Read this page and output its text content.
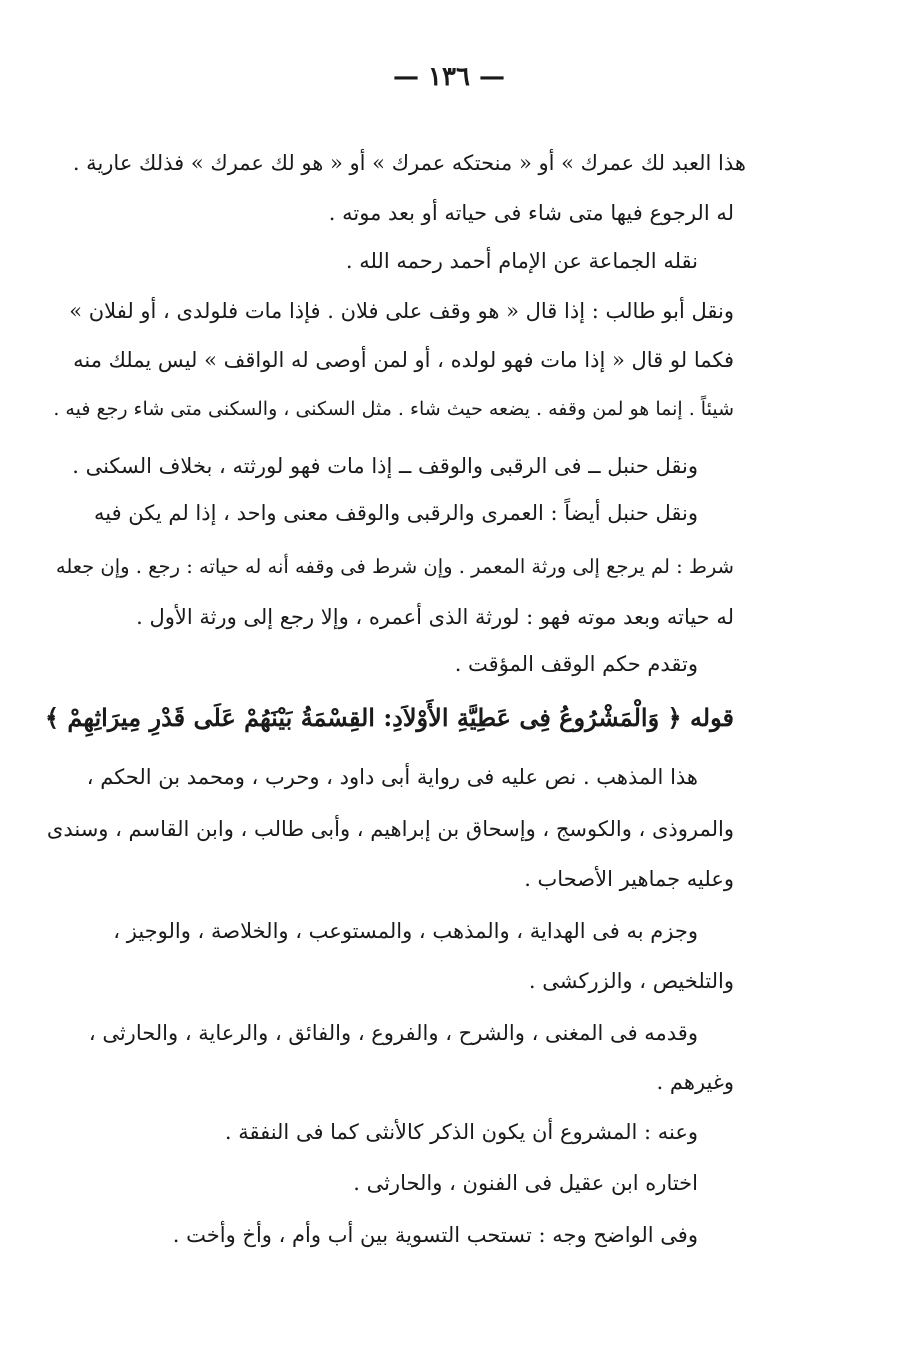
— ١٣٦ —
هذا العبد لك عمرك » أو « منحتكه عمرك » أو « هو لك عمرك » فذلك عارية .
له الرجوع فيها متى شاء فى حياته أو بعد موته .
نقله الجماعة عن الإمام أحمد رحمه الله .
ونقل أبو طالب : إذا قال « هو وقف على فلان . فإذا مات فلولدى ، أو لفلان »
فكما لو قال « إذا مات فهو لولده ، أو لمن أوصى له الواقف » ليس يملك منه
شيئاً . إنما هو لمن وقفه . يضعه حيث شاء . مثل السكنى ، والسكنى متى شاء رجع فيه .
ونقل حنبل ــ فى الرقبى والوقف ــ إذا مات فهو لورثته ، بخلاف السكنى .
ونقل حنبل أيضاً : العمرى والرقبى والوقف معنى واحد ، إذا لم يكن فيه
شرط : لم يرجع إلى ورثة المعمر . وإن شرط فى وقفه أنه له حياته : رجع . وإن جعله
له حياته وبعد موته فهو : لورثة الذى أعمره ، وإلا رجع إلى ورثة الأول .
وتقدم حكم الوقف المؤقت .
قوله ﴿ وَالْمَشْرُوعُ فِى عَطِيَّةِ الأَوْلاَدِ: القِسْمَةُ بَيْنَهُمْ عَلَى قَدْرِ مِيرَاثِهِمْ ﴾
هذا المذهب . نص عليه فى رواية أبى داود ، وحرب ، ومحمد بن الحكم ،
والمروذى ، والكوسج ، وإسحاق بن إبراهيم ، وأبى طالب ، وابن القاسم ، وسندى
وعليه جماهير الأصحاب .
وجزم به فى الهداية ، والمذهب ، والمستوعب ، والخلاصة ، والوجيز ،
والتلخيص ، والزركشى .
وقدمه فى المغنى ، والشرح ، والفروع ، والفائق ، والرعاية ، والحارثى ،
وغيرهم .
وعنه : المشروع أن يكون الذكر كالأنثى كما فى النفقة .
اختاره ابن عقيل فى الفنون ، والحارثى .
وفى الواضح وجه : تستحب التسوية بين أب وأم ، وأخ وأخت .
